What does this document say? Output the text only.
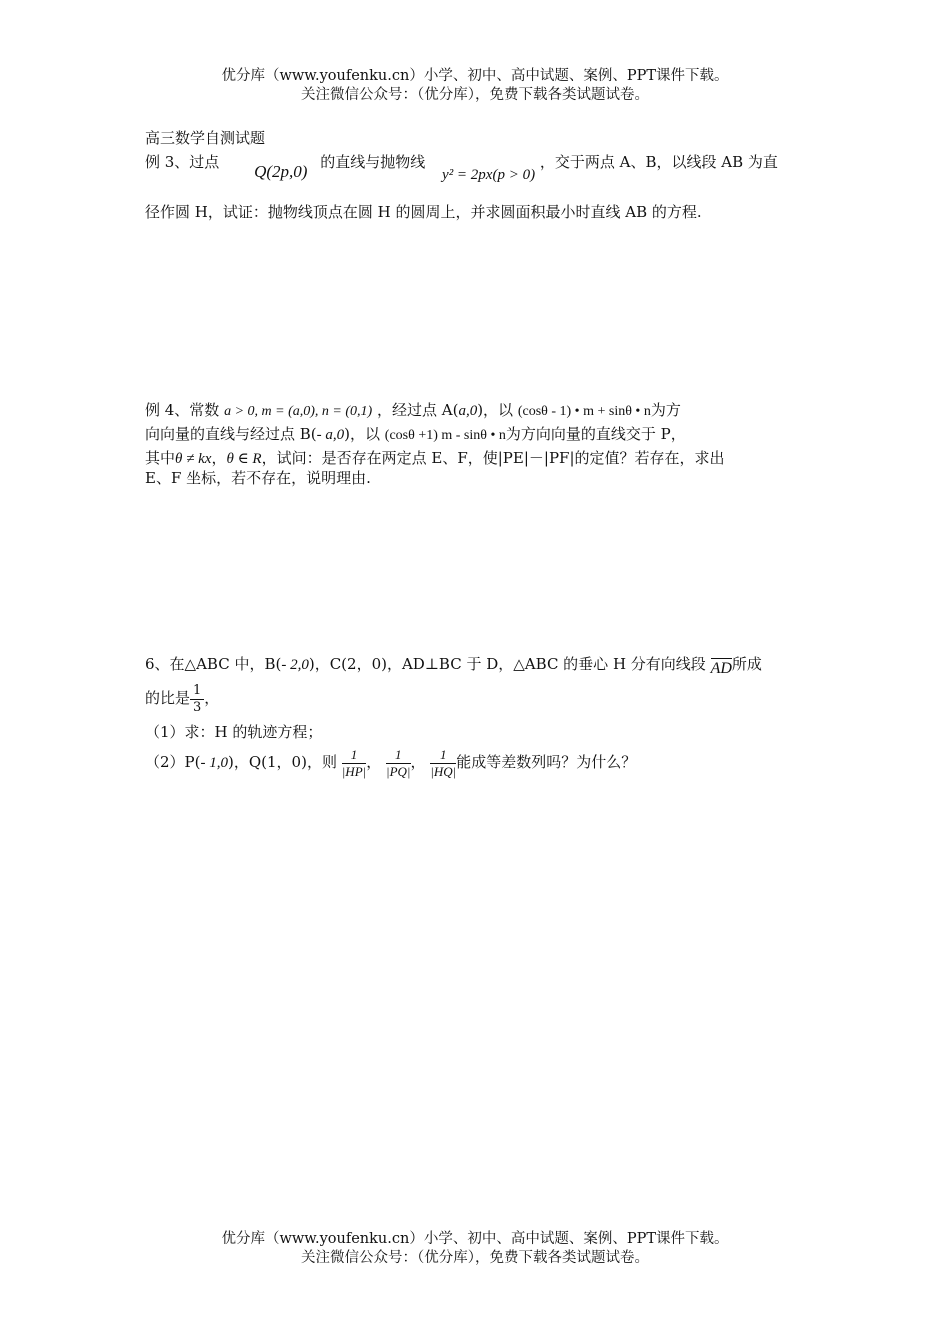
优分库（www.youfenku.cn）小学、初中、高中试题、案例、PPT课件下载。
关注微信公众号：（优分库），免费下载各类试题试卷。
高三数学自测试题
例 3、过点 Q(2p,0) 的直线与抛物线 y² = 2px(p > 0) ，交于两点 A、B，以线段 AB 为直
径作圆 H，试证：抛物线顶点在圆 H 的圆周上，并求圆面积最小时直线 AB 的方程.
例 4、常数 a > 0, m = (a,0), n = (0,1) ，经过点 A(a,0)，以 (cosθ - 1) • m + sinθ • n为方
向向量的直线与经过点 B(- a,0)，以 (cosθ +1) m - sinθ • n为方向向量的直线交于 P，
其中θ ≠ kx，θ ∈ R，试问：是否存在两定点 E、F，使|PE|－|PF|的定值？若存在，求出
E、F 坐标，若不存在，说明理由.
6、在△ABC 中，B(- 2,0)，C(2，0)，AD⊥BC 于 D，△ABC 的垂心 H 分有向线段 AD所成
的比是 $\frac{1}{3}$ ，
（1）求：H 的轨迹方程；
（2）P(- 1,0)，Q(1，0)，则 $\frac{1}{|HP|}$ ， $\frac{1}{|PQ|}$ ， $\frac{1}{|HQ|}$ 能成等差数列吗？为什么？
优分库（www.youfenku.cn）小学、初中、高中试题、案例、PPT课件下载。
关注微信公众号：（优分库），免费下载各类试题试卷。
